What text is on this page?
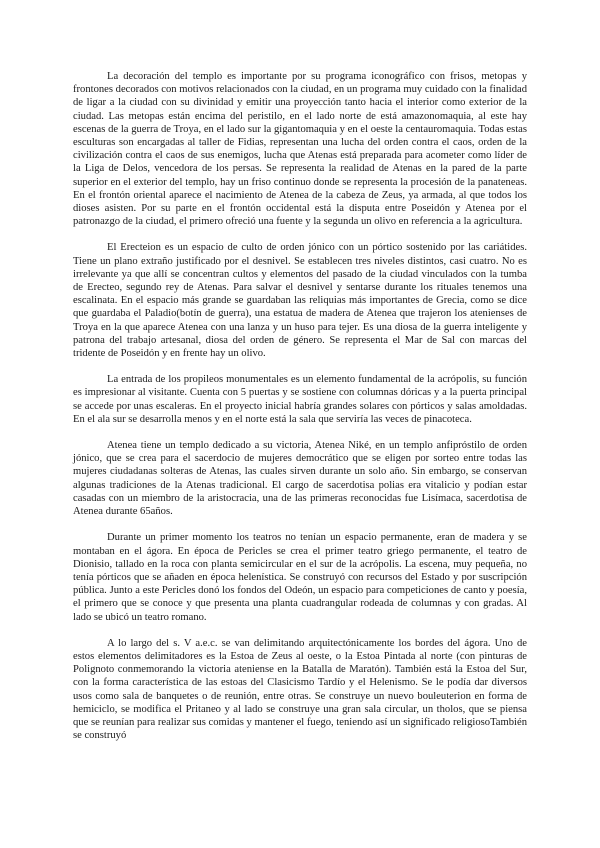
La decoración del templo es importante por su programa iconográfico con frisos, metopas y frontones decorados con motivos relacionados con la ciudad, en un programa muy cuidado con la finalidad de ligar a la ciudad con su divinidad y emitir una proyección tanto hacia el interior como exterior de la ciudad. Las metopas están encima del peristilo, en el lado norte de está amazonomaquia, al este hay escenas de la guerra de Troya, en el lado sur la gigantomaquia y en el oeste la centauromaquia. Todas estas esculturas son encargadas al taller de Fidias, representan una lucha del orden contra el caos, orden de la civilización contra el caos de sus enemigos, lucha que Atenas está preparada para acometer como líder de la Liga de Delos, vencedora de los persas. Se representa la realidad de Atenas en la pared de la parte superior en el exterior del templo, hay un friso continuo donde se representa la procesión de la panateneas. En el frontón oriental aparece el nacimiento de Atenea de la cabeza de Zeus, ya armada, al que todos los dioses asisten. Por su parte en el frontón occidental está la disputa entre Poseidón y Atenea por el patronazgo de la ciudad, el primero ofreció una fuente y la segunda un olivo en referencia a la agricultura.

El Erecteion es un espacio de culto de orden jónico con un pórtico sostenido por las cariátides. Tiene un plano extraño justificado por el desnivel. Se establecen tres niveles distintos, casi cuatro. No es irrelevante ya que allí se concentran cultos y elementos del pasado de la ciudad vinculados con la tumba de Erecteo, segundo rey de Atenas. Para salvar el desnivel y sentarse durante los rituales tenemos una escalinata. En el espacio más grande se guardaban las reliquias más importantes de Grecia, como se dice que guardaba el Paladio(botín de guerra), una estatua de madera de Atenea que trajeron los atenienses de Troya en la que aparece Atenea con una lanza y un huso para tejer. Es una diosa de la guerra inteligente y patrona del trabajo artesanal, diosa del orden de género. Se representa el Mar de Sal con marcas del tridente de Poseidón y en frente hay un olivo.

La entrada de los propileos monumentales es un elemento fundamental de la acrópolis, su función es impresionar al visitante. Cuenta con 5 puertas y se sostiene con columnas dóricas y a la puerta principal se accede por unas escaleras. En el proyecto inicial habría grandes solares con pórticos y salas amoldadas. En el ala sur se desarrolla menos y en el norte está la sala que serviría las veces de pinacoteca.

Atenea tiene un templo dedicado a su victoria, Atenea Niké, en un templo anfipróstilo de orden jónico, que se crea para el sacerdocio de mujeres democrático que se eligen por sorteo entre todas las mujeres ciudadanas solteras de Atenas, las cuales sirven durante un solo año. Sin embargo, se conservan algunas tradiciones de la Atenas tradicional. El cargo de sacerdotisa polias era vitalicio y podían estar casadas con un miembro de la aristocracia, una de las primeras reconocidas fue Lisímaca, sacerdotisa de Atenea durante 65años.

Durante un primer momento los teatros no tenían un espacio permanente, eran de madera y se montaban en el ágora. En época de Pericles se crea el primer teatro griego permanente, el teatro de Dionisio, tallado en la roca con planta semicircular en el sur de la acrópolis. La escena, muy pequeña, no tenía pórticos que se añaden en época helenística. Se construyó con recursos del Estado y por suscripción pública. Junto a este Pericles donó los fondos del Odeón, un espacio para competiciones de canto y poesía, el primero que se conoce y que presenta una planta cuadrangular rodeada de columnas y con gradas. Al lado se ubicó un teatro romano.

A lo largo del s. V a.e.c. se van delimitando arquitectónicamente los bordes del ágora. Uno de estos elementos delimitadores es la Estoa de Zeus al oeste, o la Estoa Pintada al norte (con pinturas de Polignoto conmemorando la victoria ateniense en la Batalla de Maratón). También está la Estoa del Sur, con la forma característica de las estoas del Clasicismo Tardío y el Helenismo. Se le podía dar diversos usos como sala de banquetes o de reunión, entre otras. Se construye un nuevo bouleuterion en forma de hemiciclo, se modifica el Pritaneo y al lado se construye una gran sala circular, un tholos, que se piensa que se reunían para realizar sus comidas y mantener el fuego, teniendo así un significado religiosoTambién se construyó
